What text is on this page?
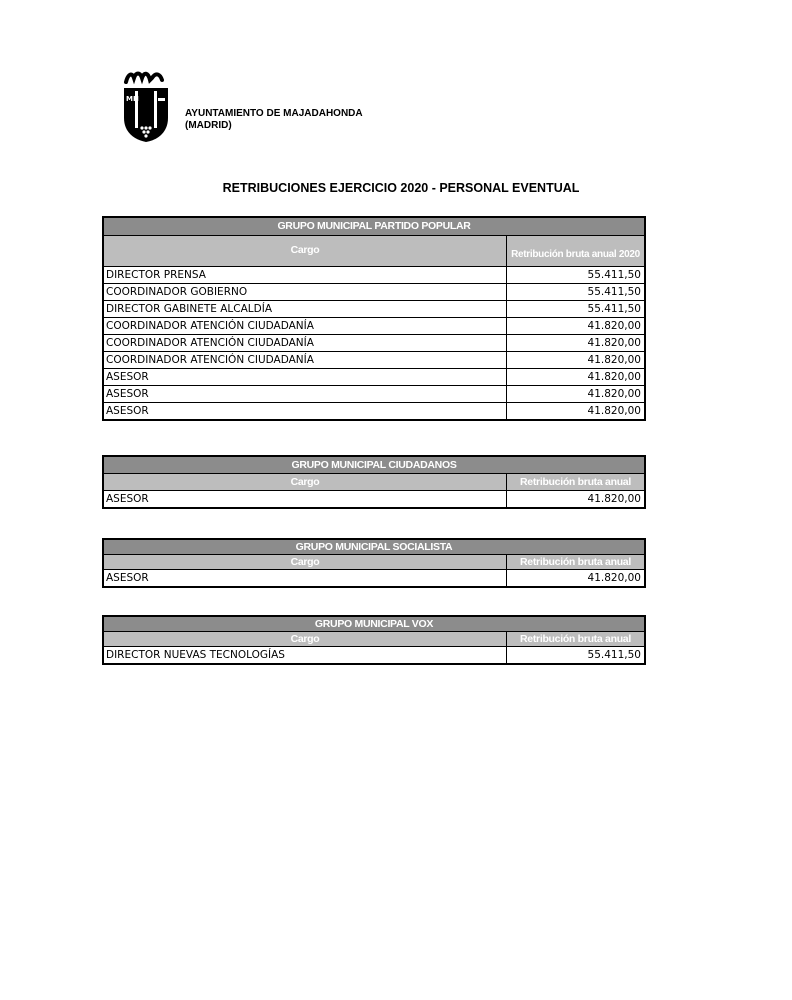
MH
AYUNTAMIENTO DE MAJADAHONDA
(MADRID)
RETRIBUCIONES EJERCICIO 2020 - PERSONAL EVENTUAL
GRUPO MUNICIPAL PARTIDO POPULAR
Cargo	Retribución bruta anual 2020
DIRECTOR PRENSA	55.411,50
COORDINADOR GOBIERNO	55.411,50
DIRECTOR GABINETE ALCALDÍA	55.411,50
COORDINADOR ATENCIÓN CIUDADANÍA	41.820,00
COORDINADOR ATENCIÓN CIUDADANÍA	41.820,00
COORDINADOR ATENCIÓN CIUDADANÍA	41.820,00
ASESOR	41.820,00
ASESOR	41.820,00
ASESOR	41.820,00
GRUPO MUNICIPAL CIUDADANOS
Cargo	Retribución bruta anual
ASESOR	41.820,00
GRUPO MUNICIPAL SOCIALISTA
Cargo	Retribución bruta anual
ASESOR	41.820,00
GRUPO MUNICIPAL VOX
Cargo	Retribución bruta anual
DIRECTOR NUEVAS TECNOLOGÍAS	55.411,50
